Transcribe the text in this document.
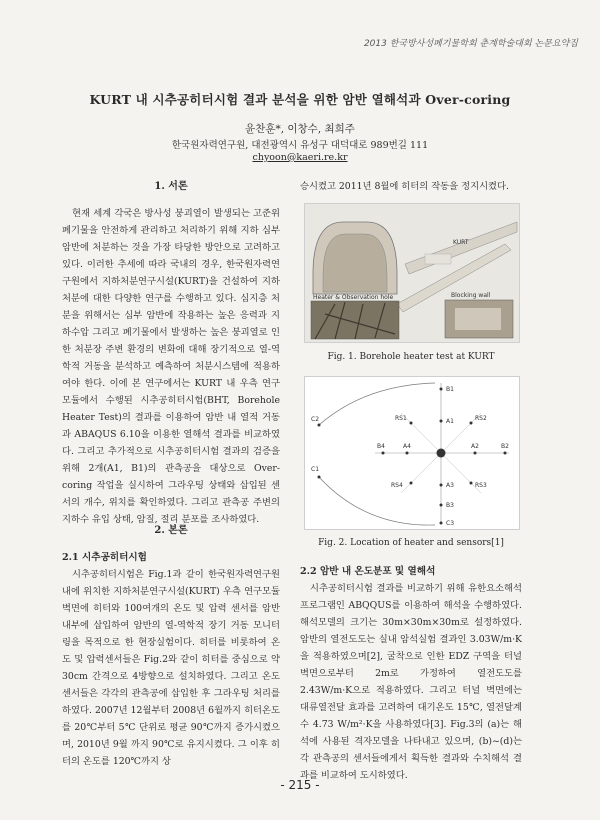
2013 한국방사성폐기물학회 춘계학술대회 논문요약집
KURT 내 시추공히터시험 결과 분석을 위한 암반 열해석과 Over-coring
윤찬훈*, 이창수, 최희주
한국원자력연구원, 대전광역시 유성구 대덕대로 989번길 111
chyoon@kaeri.re.kr
1. 서론

현재 세계 각국은 방사성 붕괴열이 발생되는 고준위 폐기물을 안전하게 관리하고 처리하기 위해 지하 심부 암반에 처분하는 것을 가장 타당한 방안으로 고려하고 있다. 이러한 추세에 따라 국내의 경우, 한국원자력연구원에서 지하처분연구시설(KURT)을 건설하여 지하 처분에 대한 다양한 연구를 수행하고 있다. 심지층 처분을 위해서는 심부 암반에 작용하는 높은 응력과 지하수압 그리고 폐기물에서 발생하는 높은 붕괴열로 인한 처분장 주변 환경의 변화에 대해 장기적으로 열-역학적 거동을 분석하고 예측하여 처분시스템에 적용하여야 한다. 이에 본 연구에서는 KURT 내 우측 연구 모듈에서 수행된 시추공히터시험(BHT, Borehole Heater Test)의 결과를 이용하여 암반 내 열적 거동과 ABAQUS 6.10을 이용한 열해석 결과를 비교하였다. 그리고 추가적으로 시추공히터시험 결과의 검증을 위해 2개(A1, B1)의 관측공을 대상으로 Over-coring 작업을 실시하여 그라우팅 상태와 삽입된 센서의 개수, 위치를 확인하였다. 그리고 관측공 주변의 지하수 유입 상태, 암질, 절리 분포를 조사하였다.

2. 본론
2.1 시추공히터시험

시추공히터시험은 Fig.1과 같이 한국원자력연구원 내에 위치한 지하처분연구시설(KURT) 우측 연구모듈 벽면에 히터와 100여개의 온도 및 압력 센서를 암반 내부에 삽입하여 암반의 열-역학적 장기 거동 모니터링을 목적으로 한 현장실험이다. 히터를 비롯하여 온도 및 압력센서들은 Fig.2와 같이 히터를 중심으로 약 30cm 간격으로 4방향으로 설치하였다. 그리고 온도센서들은 각각의 관측공에 삽입한 후 그라우팅 처리를 하였다. 2007년 12월부터 2008년 6월까지 히터온도를 20℃부터 5℃ 단위로 평균 90℃까지 증가시켰으며, 2010년 9월 까지 90℃로 유지시켰다. 그 이후 히터의 온도를 120℃까지 상

승시켰고 2011년 8월에 히터의 작동을 정지시켰다.

KURT
Heater & Observation hole	Blocking wall
Fig. 1. Borehole heater test at KURT
B1
A1
A2	B2
A3
B3
A4
B4
RS1	RS2
RS3
RS4
C1
C2
C3
Fig. 2. Location of heater and sensors[1]
2.2 암반 내 온도분포 및 열해석

시추공히터시험 결과를 비교하기 위해 유한요소해석 프로그램인 ABQQUS를 이용하여 해석을 수행하였다. 해석모델의 크기는 30m×30m×30m로 설정하였다. 암반의 열전도도는 실내 암석실험 결과인 3.03W/m·K을 적용하였으며[2], 굴착으로 인한 EDZ 구역을 터널 벽면으로부터 2m로 가정하여 열전도도를 2.43W/m·K으로 적용하였다. 그리고 터널 벽면에는 대류열전달 효과를 고려하여 대기온도 15℃, 열전달계수 4.73 W/m²·K을 사용하였다[3]. Fig.3의 (a)는 해석에 사용된 격자모델을 나타내고 있으며, (b)~(d)는 각 관측공의 센서들에게서 획득한 결과와 수치해석 결과를 비교하여 도시하였다.

- 215 -
